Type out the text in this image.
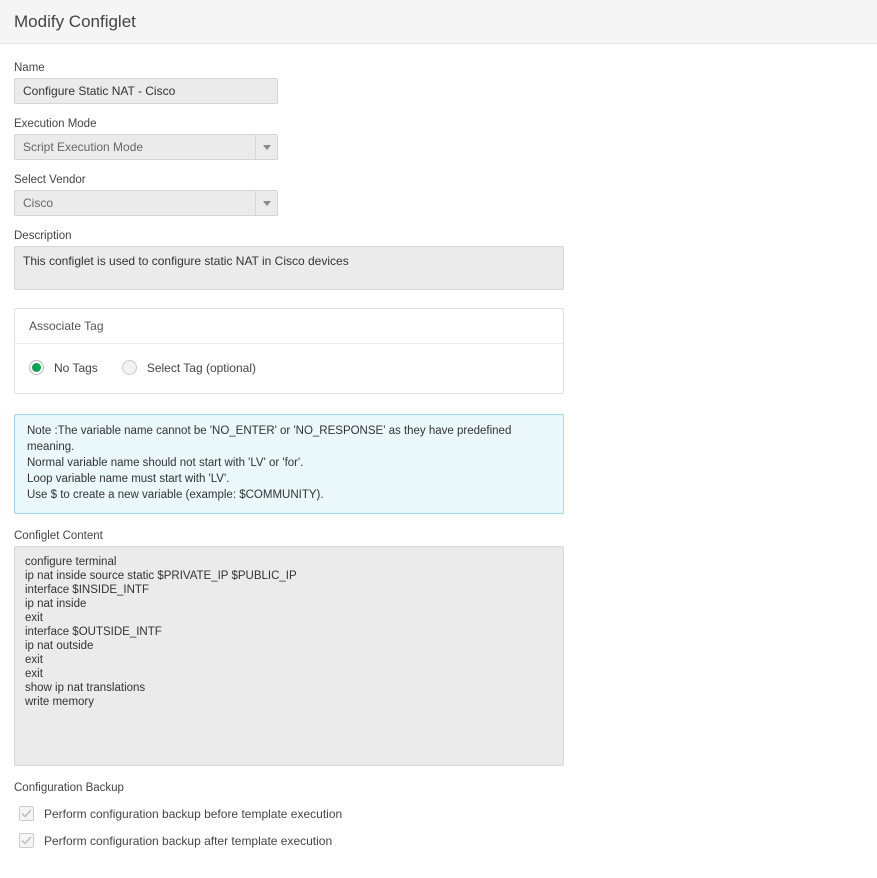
Modify Configlet
Name
Configure Static NAT - Cisco
Execution Mode
Script Execution Mode
Select Vendor
Cisco
Description
This configlet is used to configure static NAT in Cisco devices
Associate Tag
No Tags	Select Tag (optional)
Note :The variable name cannot be 'NO_ENTER' or 'NO_RESPONSE' as they have predefined meaning.
Normal variable name should not start with 'LV' or 'for'.
Loop variable name must start with 'LV'.
Use $ to create a new variable (example: $COMMUNITY).
Configlet Content
configure terminal
ip nat inside source static $PRIVATE_IP $PUBLIC_IP
interface $INSIDE_INTF
ip nat inside
exit
interface $OUTSIDE_INTF
ip nat outside
exit
exit
show ip nat translations
write memory
Configuration Backup
Perform configuration backup before template execution
Perform configuration backup after template execution
